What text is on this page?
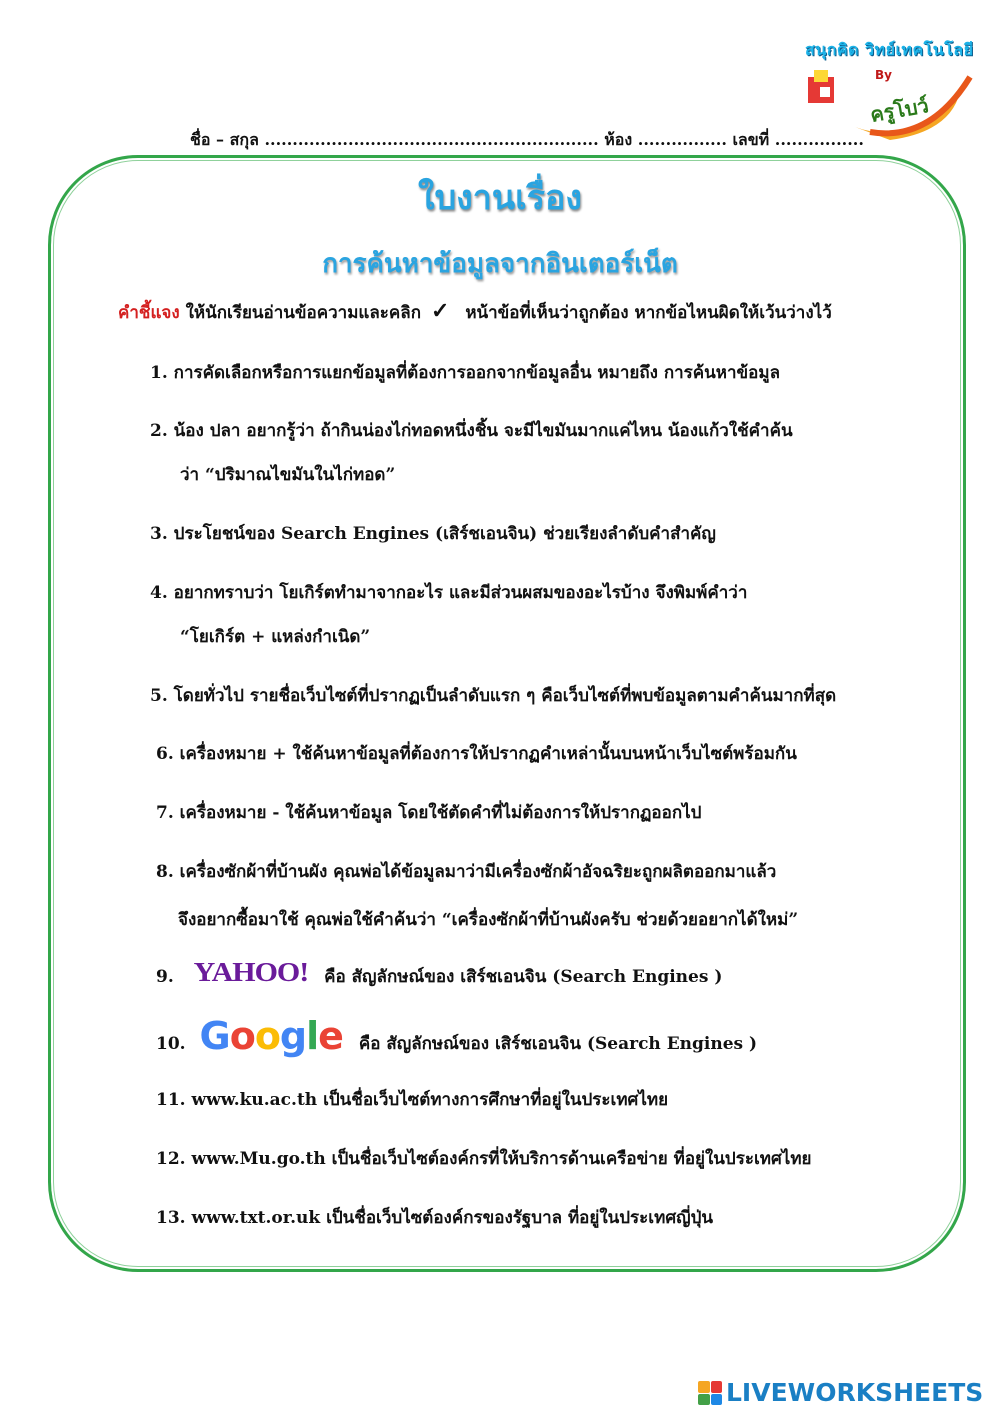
สนุกคิด วิทย์เทคโนโลยี
By
ครูโบว์
ชื่อ – สกุล ............................................................ ห้อง ................ เลขที่ ................
ใบงานเรื่อง
การค้นหาข้อมูลจากอินเตอร์เน็ต
คำชี้แจง ให้นักเรียนอ่านข้อความและคลิก ✓ หน้าข้อที่เห็นว่าถูกต้อง หากข้อไหนผิดให้เว้นว่างไว้
1. การคัดเลือกหรือการแยกข้อมูลที่ต้องการออกจากข้อมูลอื่น หมายถึง การค้นหาข้อมูล
2. น้อง ปลา อยากรู้ว่า ถ้ากินน่องไก่ทอดหนึ่งชิ้น จะมีไขมันมากแค่ไหน น้องแก้วใช้คำค้น
ว่า “ปริมาณไขมันในไก่ทอด”
3. ประโยชน์ของ Search Engines (เสิร์ชเอนจิน) ช่วยเรียงลำดับคำสำคัญ
4. อยากทราบว่า โยเกิร์ตทำมาจากอะไร และมีส่วนผสมของอะไรบ้าง จึงพิมพ์คำว่า
“โยเกิร์ต + แหล่งกำเนิด”
5. โดยทั่วไป รายชื่อเว็บไซต์ที่ปรากฏเป็นลำดับแรก ๆ คือเว็บไซต์ที่พบข้อมูลตามคำค้นมากที่สุด
6. เครื่องหมาย + ใช้ค้นหาข้อมูลที่ต้องการให้ปรากฏคำเหล่านั้นบนหน้าเว็บไซต์พร้อมกัน
7. เครื่องหมาย - ใช้ค้นหาข้อมูล โดยใช้ตัดคำที่ไม่ต้องการให้ปรากฏออกไป
8. เครื่องซักผ้าที่บ้านผัง คุณพ่อได้ข้อมูลมาว่ามีเครื่องซักผ้าอัจฉริยะถูกผลิตออกมาแล้ว
จึงอยากซื้อมาใช้ คุณพ่อใช้คำค้นว่า “เครื่องซักผ้าที่บ้านผังครับ ช่วยด้วยอยากได้ใหม่”
9. YAHOO! คือ สัญลักษณ์ของ เสิร์ชเอนจิน (Search Engines )
10. Google คือ สัญลักษณ์ของ เสิร์ชเอนจิน (Search Engines )
11. www.ku.ac.th เป็นชื่อเว็บไซต์ทางการศึกษาที่อยู่ในประเทศไทย
12. www.Mu.go.th เป็นชื่อเว็บไซต์องค์กรที่ให้บริการด้านเครือข่าย ที่อยู่ในประเทศไทย
13. www.txt.or.uk เป็นชื่อเว็บไซต์องค์กรของรัฐบาล ที่อยู่ในประเทศญี่ปุ่น
LIVEWORKSHEETS
